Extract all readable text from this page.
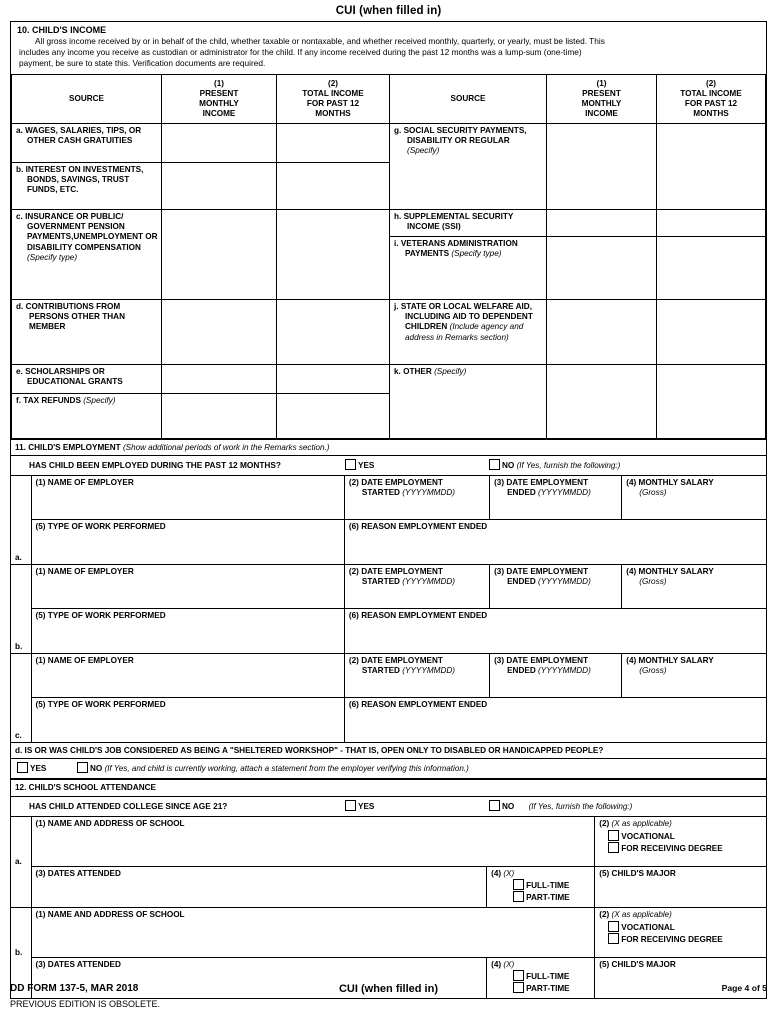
CUI (when filled in)
10. CHILD'S INCOME
All gross income received by or in behalf of the child, whether taxable or nontaxable, and whether received monthly, quarterly, or yearly, must be listed. This
includes any income you receive as custodian or administrator for the child. If any income received during the past 12 months was a lump-sum (one-time)
payment, be sure to state this. Verification documents are required.
SOURCE	(1)
PRESENT
MONTHLY
INCOME	(2)
TOTAL INCOME
FOR PAST 12
MONTHS	SOURCE	(1)
PRESENT
MONTHLY
INCOME	(2)
TOTAL INCOME
FOR PAST 12
MONTHS

a. WAGES, SALARIES, TIPS, OR OTHER CASH GRATUITIES			g. SOCIAL SECURITY PAYMENTS, DISABILITY OR REGULAR
(Specify)		

b. INTEREST ON INVESTMENTS, BONDS, SAVINGS, TRUST FUNDS, ETC.					

c. INSURANCE OR PUBLIC/ GOVERNMENT PENSION PAYMENTS,UNEMPLOYMENT OR DISABILITY COMPENSATION
(Specify type)			h. SUPPLEMENTAL SECURITY INCOME (SSI)		

			i. VETERANS ADMINISTRATION PAYMENTS (Specify type)		

d. CONTRIBUTIONS FROM PERSONS OTHER THAN MEMBER			j. STATE OR LOCAL WELFARE AID, INCLUDING AID TO DEPENDENT CHILDREN (Include agency and address in Remarks section)		

e. SCHOLARSHIPS OR EDUCATIONAL GRANTS			k. OTHER (Specify)		

f. TAX REFUNDS (Specify)					

11. CHILD'S EMPLOYMENT (Show additional periods of work in the Remarks section.)				

HAS CHILD BEEN EMPLOYED DURING THE PAST 12 MONTHS? YES NO (If Yes, furnish the following:)				

a.	(1) NAME OF EMPLOYER	(2) DATE EMPLOYMENT
STARTED (YYYYMMDD)	(3) DATE EMPLOYMENT
ENDED (YYYYMMDD)	(4) MONTHLY SALARY
(Gross)

	(5) TYPE OF WORK PERFORMED	(6) REASON EMPLOYMENT ENDED		
b.	(1) NAME OF EMPLOYER	(2) DATE EMPLOYMENT
STARTED (YYYYMMDD)	(3) DATE EMPLOYMENT
ENDED (YYYYMMDD)	(4) MONTHLY SALARY
(Gross)

	(5) TYPE OF WORK PERFORMED	(6) REASON EMPLOYMENT ENDED		
c.	(1) NAME OF EMPLOYER	(2) DATE EMPLOYMENT
STARTED (YYYYMMDD)	(3) DATE EMPLOYMENT
ENDED (YYYYMMDD)	(4) MONTHLY SALARY
(Gross)

	(5) TYPE OF WORK PERFORMED	(6) REASON EMPLOYMENT ENDED		
d. IS OR WAS CHILD'S JOB CONSIDERED AS BEING A "SHELTERED WORKSHOP" - THAT IS, OPEN ONLY TO DISABLED OR HANDICAPPED PEOPLE?				

YES NO (If Yes, and child is currently working, attach a statement from the employer verifying this information.)				
12. CHILD'S SCHOOL ATTENDANCE			

HAS CHILD ATTENDED COLLEGE SINCE AGE 21? YES NO (If Yes, furnish the following:)			

a.	(1) NAME AND ADDRESS OF SCHOOL		(2) (X as applicable)
VOCATIONAL FOR RECEIVING DEGREE
	(3) DATES ATTENDED	(4) (X) FULL-TIME PART-TIME	(5) CHILD'S MAJOR
b.	(1) NAME AND ADDRESS OF SCHOOL		(2) (X as applicable)
VOCATIONAL FOR RECEIVING DEGREE
	(3) DATES ATTENDED	(4) (X) FULL-TIME PART-TIME	(5) CHILD'S MAJOR
DD FORM 137-5, MAR 2018	CUI (when filled in)	Page 4 of 5
PREVIOUS EDITION IS OBSOLETE.
